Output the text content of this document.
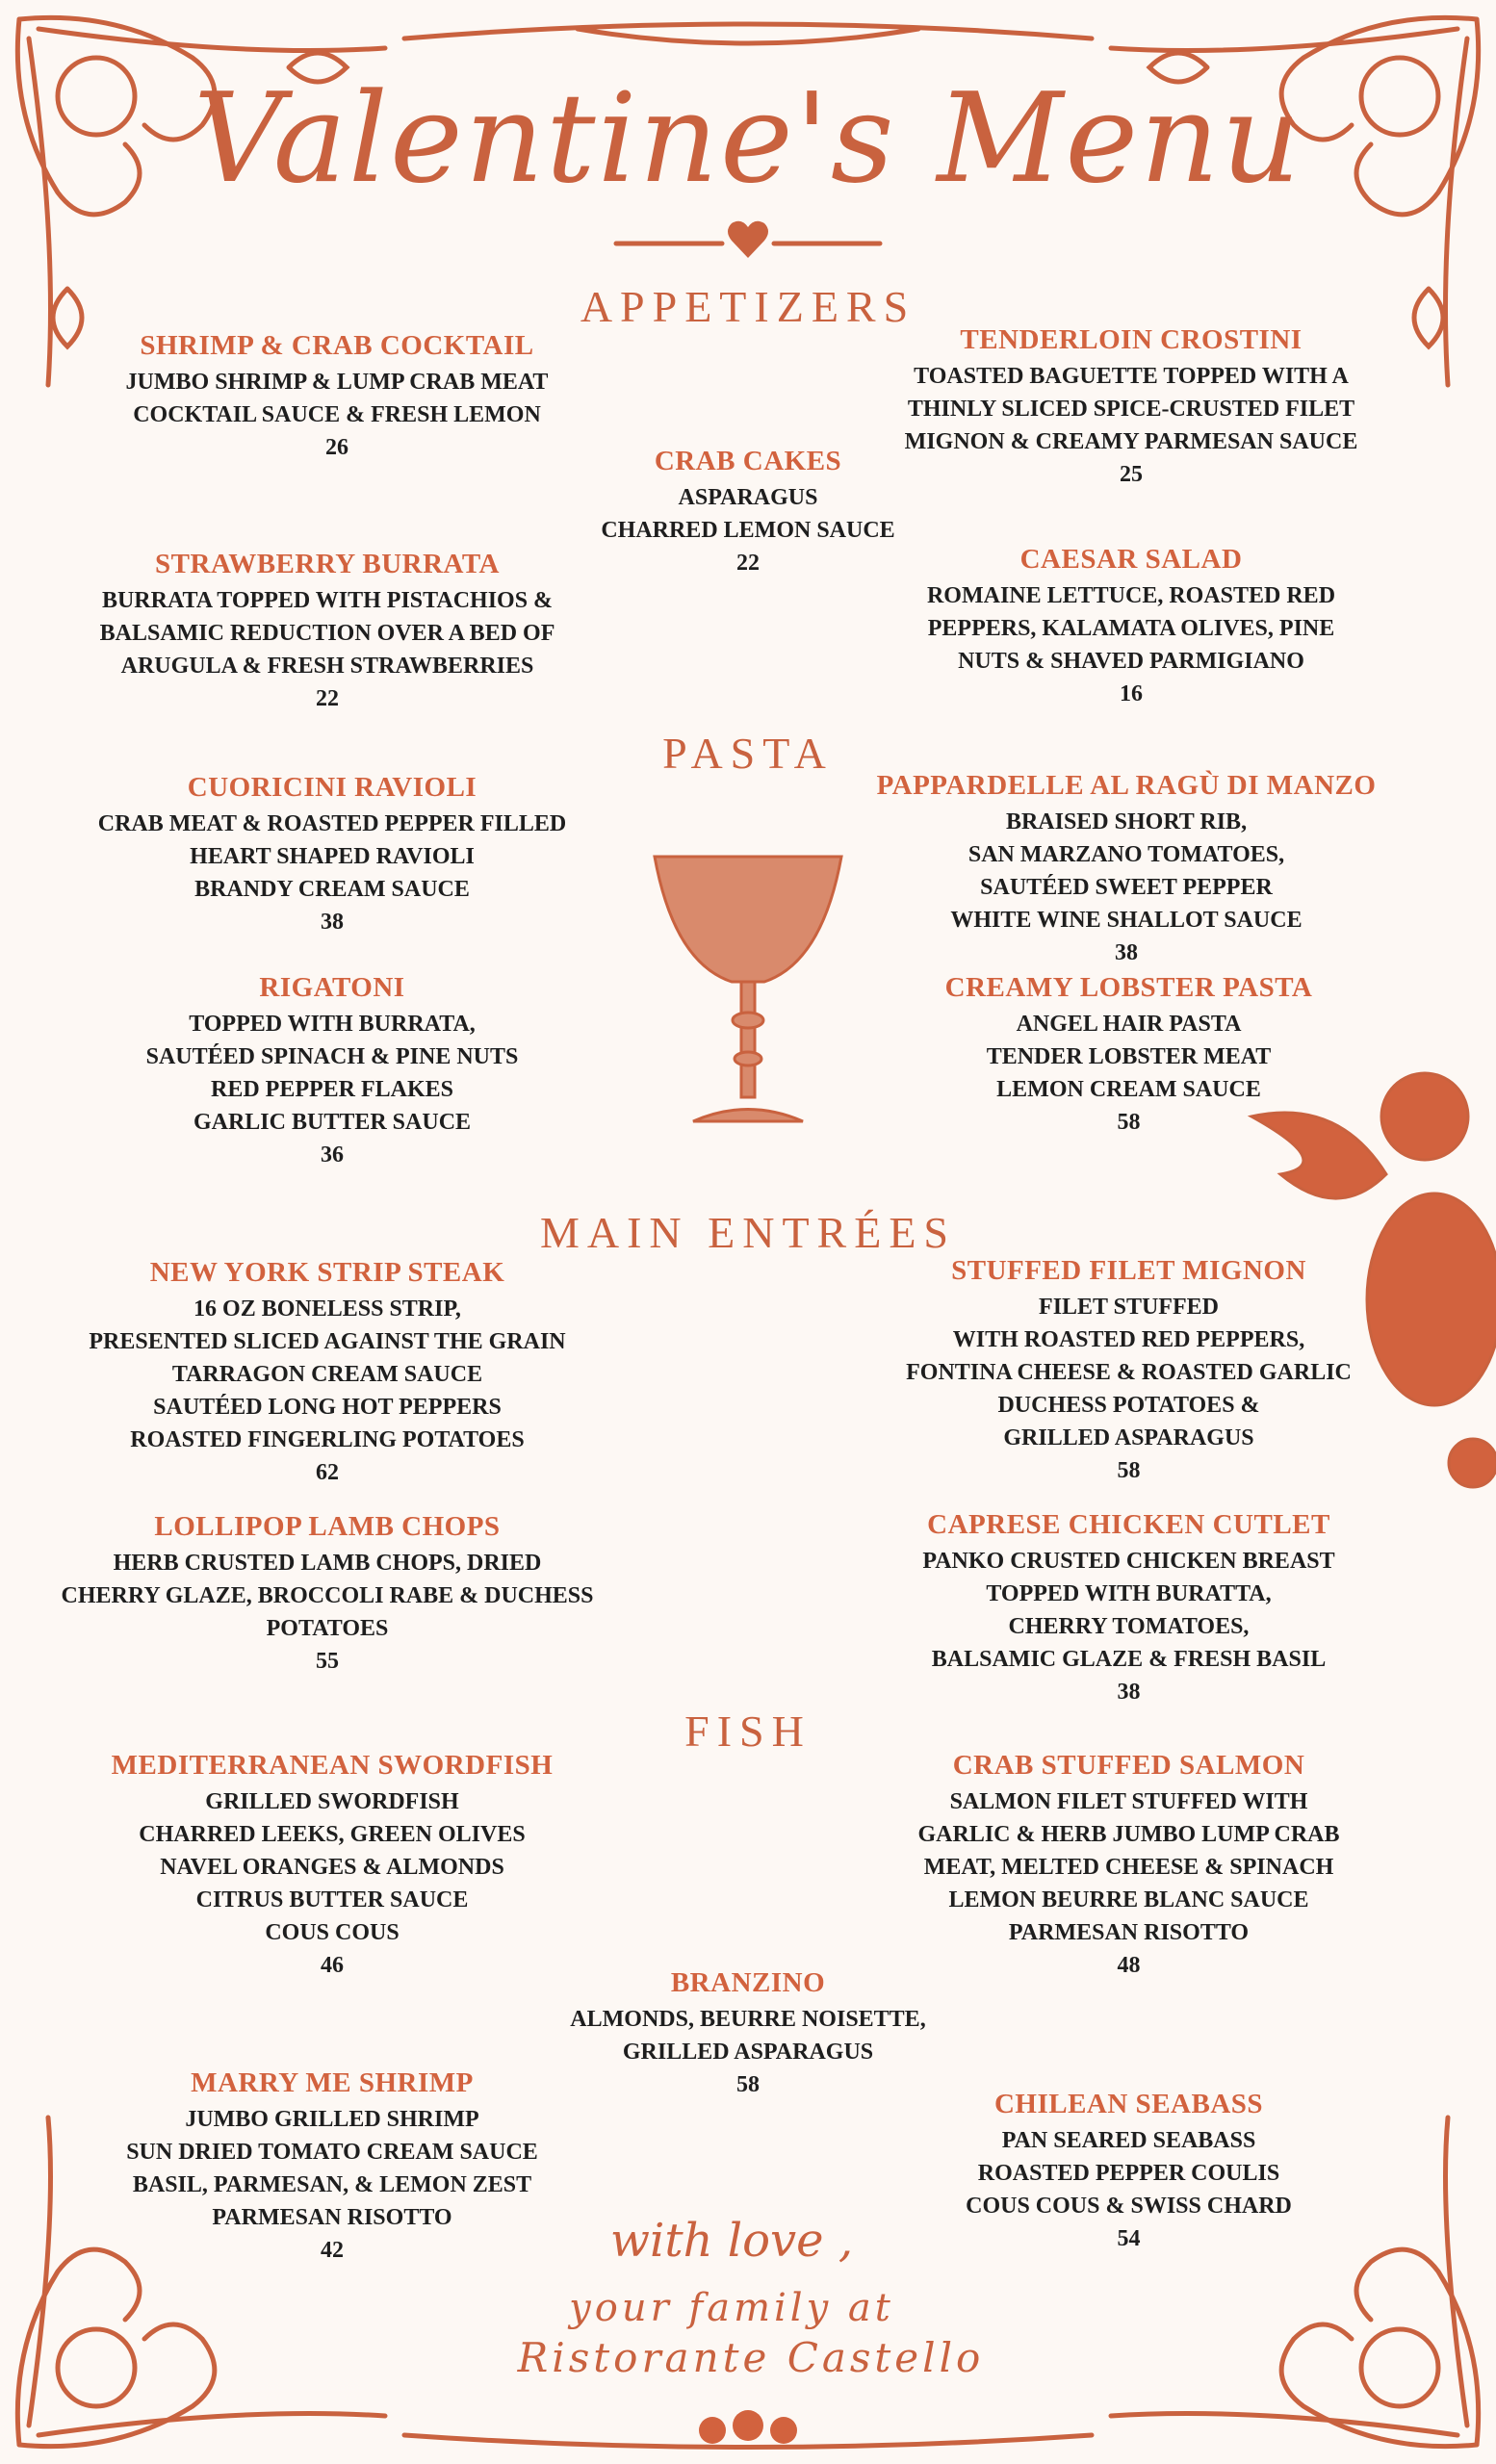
Valentine's Menu
APPETIZERS
PASTA
MAIN ENTRÉES
FISH
SHRIMP & CRAB COCKTAIL
JUMBO SHRIMP & LUMP CRAB MEAT
COCKTAIL SAUCE & FRESH LEMON
26	CRAB CAKES
ASPARAGUS
CHARRED LEMON SAUCE
22
TENDERLOIN CROSTINI
TOASTED BAGUETTE TOPPED WITH A
THINLY SLICED SPICE-CRUSTED FILET
MIGNON & CREAMY PARMESAN SAUCE
25
STRAWBERRY BURRATA
BURRATA TOPPED WITH PISTACHIOS &
BALSAMIC REDUCTION OVER A BED OF
ARUGULA & FRESH STRAWBERRIES
22
CAESAR SALAD
ROMAINE LETTUCE, ROASTED RED
PEPPERS, KALAMATA OLIVES, PINE
NUTS & SHAVED PARMIGIANO
16
CUORICINI RAVIOLI
CRAB MEAT & ROASTED PEPPER FILLED
HEART SHAPED RAVIOLI
BRANDY CREAM SAUCE
38
PAPPARDELLE AL RAGÙ DI MANZO
BRAISED SHORT RIB,
SAN MARZANO TOMATOES,
SAUTÉED SWEET PEPPER
WHITE WINE SHALLOT SAUCE
38
RIGATONI
TOPPED WITH BURRATA,
SAUTÉED SPINACH & PINE NUTS
RED PEPPER FLAKES
GARLIC BUTTER SAUCE
36
CREAMY LOBSTER PASTA
ANGEL HAIR PASTA
TENDER LOBSTER MEAT
LEMON CREAM SAUCE
58
NEW YORK STRIP STEAK
16 OZ BONELESS STRIP,
PRESENTED SLICED AGAINST THE GRAIN
TARRAGON CREAM SAUCE
SAUTÉED LONG HOT PEPPERS
ROASTED FINGERLING POTATOES
62
STUFFED FILET MIGNON
FILET STUFFED
WITH ROASTED RED PEPPERS,
FONTINA CHEESE & ROASTED GARLIC
DUCHESS POTATOES &
GRILLED ASPARAGUS
58
LOLLIPOP LAMB CHOPS
HERB CRUSTED LAMB CHOPS, DRIED
CHERRY GLAZE, BROCCOLI RABE & DUCHESS
POTATOES
55
CAPRESE CHICKEN CUTLET
PANKO CRUSTED CHICKEN BREAST
TOPPED WITH BURATTA,
CHERRY TOMATOES,
BALSAMIC GLAZE & FRESH BASIL
38
MEDITERRANEAN SWORDFISH
GRILLED SWORDFISH
CHARRED LEEKS, GREEN OLIVES
NAVEL ORANGES & ALMONDS
CITRUS BUTTER SAUCE
COUS COUS
46
CRAB STUFFED SALMON
SALMON FILET STUFFED WITH
GARLIC & HERB JUMBO LUMP CRAB
MEAT, MELTED CHEESE & SPINACH
LEMON BEURRE BLANC SAUCE
PARMESAN RISOTTO
48
BRANZINO
ALMONDS, BEURRE NOISETTE,
GRILLED ASPARAGUS
58
MARRY ME SHRIMP
JUMBO GRILLED SHRIMP
SUN DRIED TOMATO CREAM SAUCE
BASIL, PARMESAN, & LEMON ZEST
PARMESAN RISOTTO
42
CHILEAN SEABASS
PAN SEARED SEABASS
ROASTED PEPPER COULIS
COUS COUS & SWISS CHARD
54
with love ,
your family at
Ristorante Castello
